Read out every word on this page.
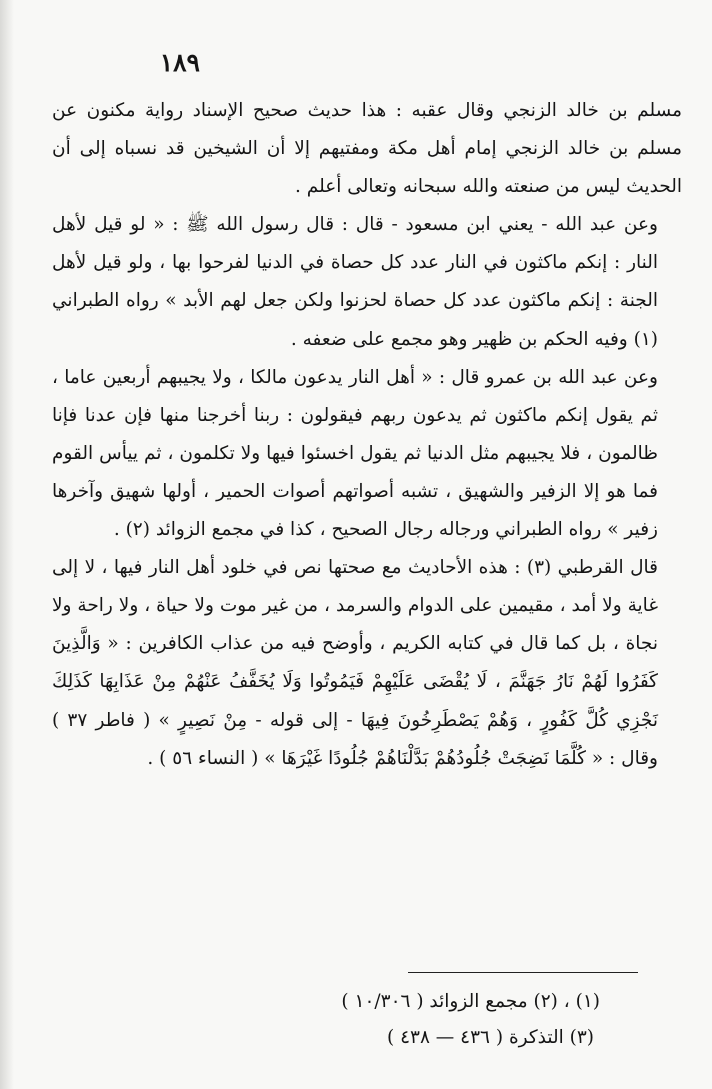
١٨٩

مسلم بن خالد الزنجي وقال عقبه : هذا حديث صحيح الإسناد رواية مكنون عن مسلم بن خالد الزنجي إمام أهل مكة ومفتيهم إلا أن الشيخين قد نسباه إلى أن الحديث ليس من صنعته والله سبحانه وتعالى أعلم .

وعن عبد الله - يعني ابن مسعود - قال : قال رسول الله ﷺ : « لو قيل لأهل النار : إنكم ماكثون في النار عدد كل حصاة في الدنيا لفرحوا بها ، ولو قيل لأهل الجنة : إنكم ماكثون عدد كل حصاة لحزنوا ولكن جعل لهم الأبد » رواه الطبراني (١) وفيه الحكم بن ظهير وهو مجمع على ضعفه .

وعن عبد الله بن عمرو قال : « أهل النار يدعون مالكا ، ولا يجيبهم أربعين عاما ، ثم يقول إنكم ماكثون ثم يدعون ربهم فيقولون : ربنا أخرجنا منها فإن عدنا فإنا ظالمون ، فلا يجيبهم مثل الدنيا ثم يقول اخسئوا فيها ولا تكلمون ، ثم ييأس القوم فما هو إلا الزفير والشهيق ، تشبه أصواتهم أصوات الحمير ، أولها شهيق وآخرها زفير » رواه الطبراني ورجاله رجال الصحيح ، كذا في مجمع الزوائد (٢) .

قال القرطبي (٣) : هذه الأحاديث مع صحتها نص في خلود أهل النار فيها ، لا إلى غاية ولا أمد ، مقيمين على الدوام والسرمد ، من غير موت ولا حياة ، ولا راحة ولا نجاة ، بل كما قال في كتابه الكريم ، وأوضح فيه من عذاب الكافرين : « وَالَّذِينَ كَفَرُوا لَهُمْ نَارُ جَهَنَّمَ ، لَا يُقْضَى عَلَيْهِمْ فَيَمُوتُوا وَلَا يُخَفَّفُ عَنْهُمْ مِنْ عَذَابِهَا كَذَلِكَ نَجْزِي كُلَّ كَفُورٍ ، وَهُمْ يَصْطَرِخُونَ فِيهَا - إلى قوله - مِنْ نَصِيرٍ » ( فاطر ٣٧ ) وقال : « كُلَّمَا نَضِجَتْ جُلُودُهُمْ بَدَّلْنَاهُمْ جُلُودًا غَيْرَهَا » ( النساء ٥٦ ) .

(١) ، (٢) مجمع الزوائد ( ١٠/٣٠٦ )
(٣) التذكرة ( ٤٣٦ — ٤٣٨ )
